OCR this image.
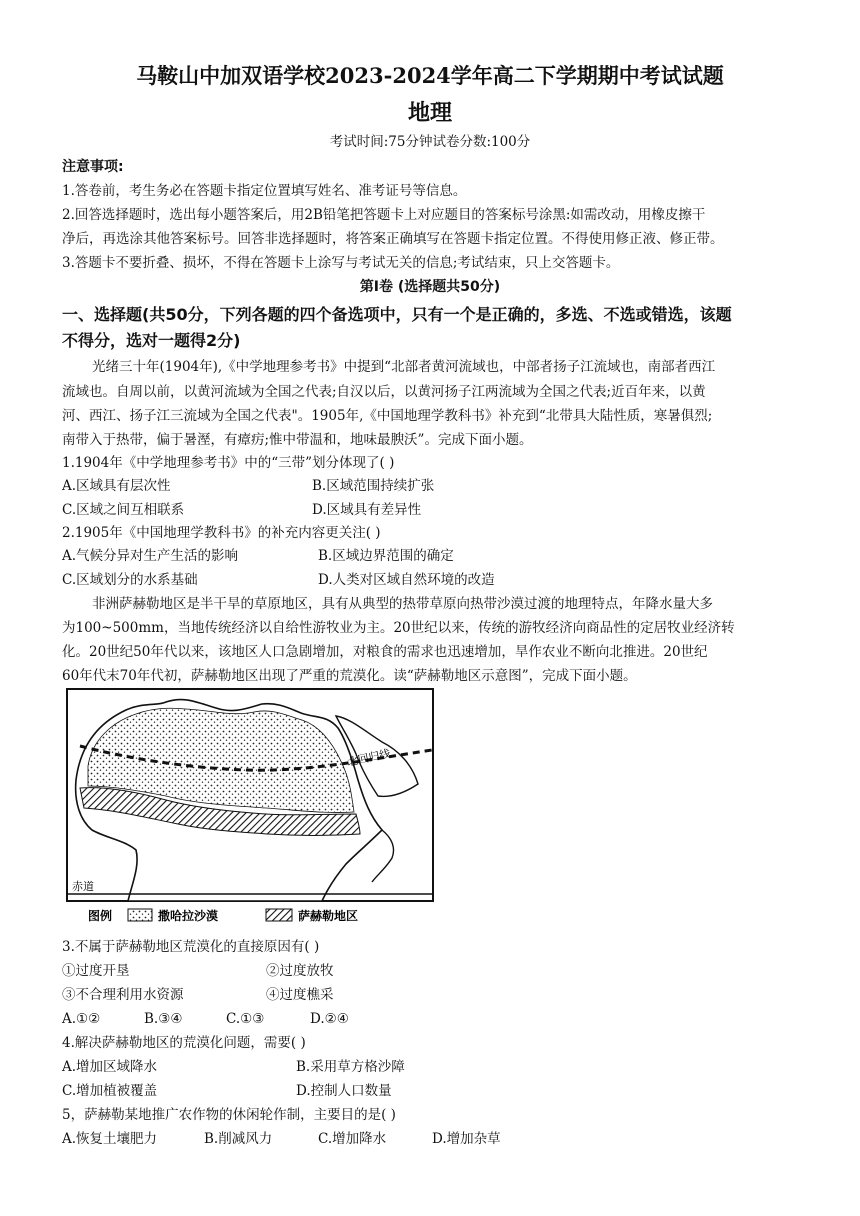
马鞍山中加双语学校2023-2024学年高二下学期期中考试试题
地理
考试时间:75分钟试卷分数:100分
注意事项:
1.答卷前，考生务必在答题卡指定位置填写姓名、准考证号等信息。
2.回答选择题时，选出每小题答案后，用2B铅笔把答题卡上对应题目的答案标号涂黑:如需改动，用橡皮擦干
净后，再选涂其他答案标号。回答非选择题时，将答案正确填写在答题卡指定位置。不得使用修正液、修正带。
3.答题卡不要折叠、损坏，不得在答题卡上涂写与考试无关的信息;考试结束，只上交答题卡。
第Ⅰ卷 (选择题共50分)
一、选择题(共50分，下列各题的四个备选项中，只有一个是正确的，多选、不选或错选，该题
不得分，选对一题得2分)
光绪三十年(1904年),《中学地理参考书》中提到“北部者黄河流域也，中部者扬子江流域也，南部者西江
流域也。自周以前，以黄河流域为全国之代表;自汉以后，以黄河扬子江两流域为全国之代表;近百年来，以黄
河、西江、扬子江三流域为全国之代表"。1905年,《中国地理学教科书》补充到“北带具大陆性质，寒暑俱烈;
南带入于热带，偏于暑溼，有瘴疠;惟中带温和，地味最腴沃”。完成下面小题。
1.1904年《中学地理参考书》中的“三带”划分体现了( )
A.区域具有层次性	B.区域范围持续扩张
C.区域之间互相联系	D.区域具有差异性
2.1905年《中国地理学教科书》的补充内容更关注( )
A.气候分异对生产生活的影响	B.区域边界范围的确定
C.区域划分的水系基础	D.人类对区域自然环境的改造
非洲萨赫勒地区是半干旱的草原地区，具有从典型的热带草原向热带沙漠过渡的地理特点，年降水量大多
为100~500mm，当地传统经济以自给性游牧业为主。20世纪以来，传统的游牧经济向商品性的定居牧业经济转
化。20世纪50年代以来，该地区人口急剧增加，对粮食的需求也迅速增加，旱作农业不断向北推进。20世纪
60年代末70年代初，萨赫勒地区出现了严重的荒漠化。读“萨赫勒地区示意图”，完成下面小题。
北回归线
赤道
图例	撒哈拉沙漠	萨赫勒地区
3.不属于萨赫勒地区荒漠化的直接原因有( )
①过度开垦	②过度放牧
③不合理利用水资源	④过度樵采
A.①②	B.③④	C.①③	D.②④
4.解决萨赫勒地区的荒漠化问题，需要( )
A.增加区域降水	B.采用草方格沙障
C.增加植被覆盖	D.控制人口数量
5，萨赫勒某地推广农作物的休闲轮作制，主要目的是( )
A.恢复土壤肥力	B.削减风力	C.增加降水	D.增加杂草
